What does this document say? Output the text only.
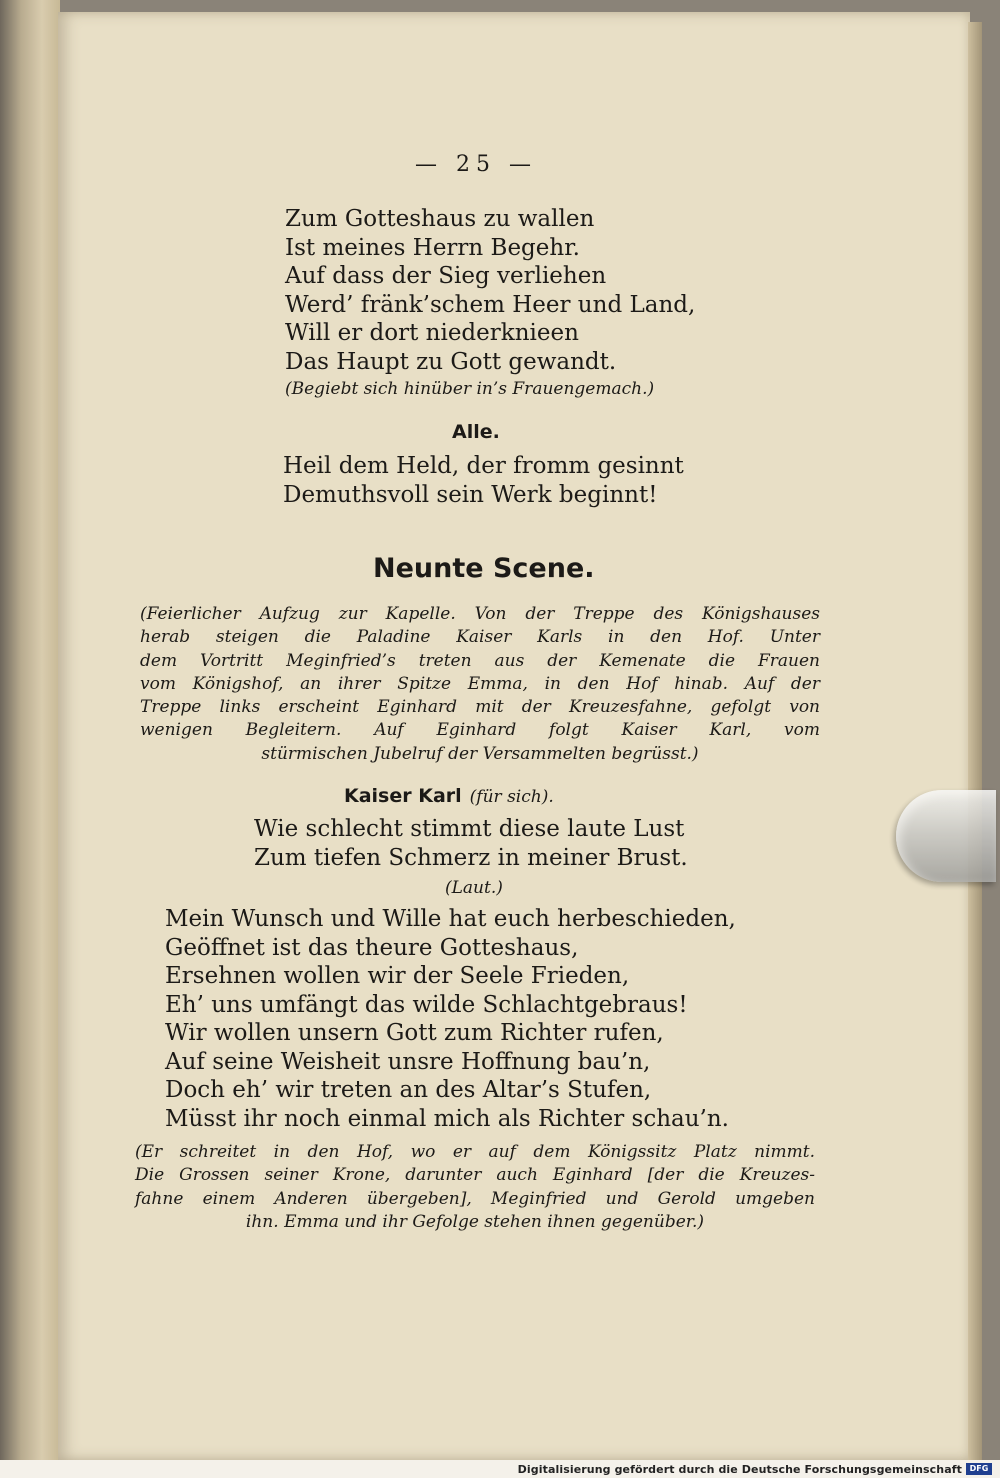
— 25 —
Zum Gotteshaus zu wallen
Ist meines Herrn Begehr.
Auf dass der Sieg verliehen
Werd’ fränk’schem Heer und Land,
Will er dort niederknieen
Das Haupt zu Gott gewandt.
(Begiebt sich hinüber in’s Frauengemach.)
Alle.
Heil dem Held, der fromm gesinnt
Demuthsvoll sein Werk beginnt!
Neunte Scene.
(Feierlicher Aufzug zur Kapelle. Von der Treppe des Königshauses
herab steigen die Paladine Kaiser Karls in den Hof. Unter
dem Vortritt Meginfried’s treten aus der Kemenate die Frauen
vom Königshof, an ihrer Spitze Emma, in den Hof hinab. Auf der
Treppe links erscheint Eginhard mit der Kreuzesfahne, gefolgt von
wenigen Begleitern. Auf Eginhard folgt Kaiser Karl, vom
stürmischen Jubelruf der Versammelten begrüsst.)
Kaiser Karl (für sich).
Wie schlecht stimmt diese laute Lust
Zum tiefen Schmerz in meiner Brust.
(Laut.)
Mein Wunsch und Wille hat euch herbeschieden,
Geöffnet ist das theure Gotteshaus,
Ersehnen wollen wir der Seele Frieden,
Eh’ uns umfängt das wilde Schlachtgebraus!
Wir wollen unsern Gott zum Richter rufen,
Auf seine Weisheit unsre Hoffnung bau’n,
Doch eh’ wir treten an des Altar’s Stufen,
Müsst ihr noch einmal mich als Richter schau’n.
(Er schreitet in den Hof, wo er auf dem Königssitz Platz nimmt.
Die Grossen seiner Krone, darunter auch Eginhard [der die Kreuzes-
fahne einem Anderen übergeben], Meginfried und Gerold umgeben
ihn. Emma und ihr Gefolge stehen ihnen gegenüber.)
Digitalisierung gefördert durch die Deutsche Forschungsgemeinschaft DFG
